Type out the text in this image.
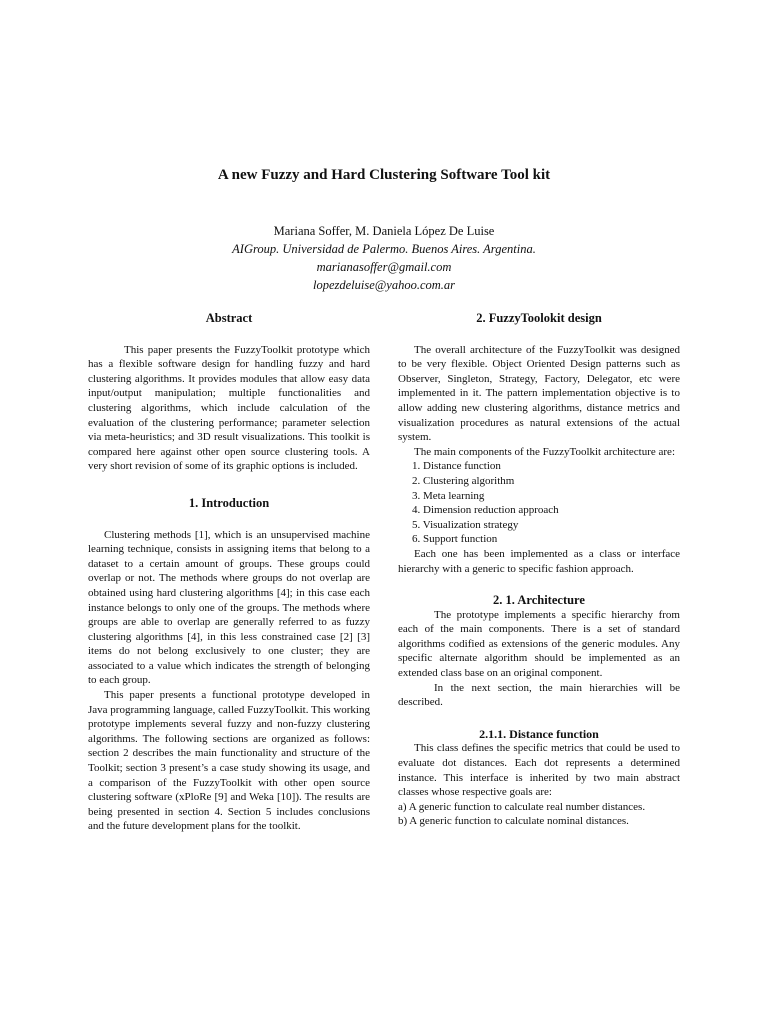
A new Fuzzy and Hard Clustering Software Tool kit
Mariana Soffer, M. Daniela López De Luise
AIGroup. Universidad de Palermo. Buenos Aires. Argentina.
marianasoffer@gmail.com
lopezdeluise@yahoo.com.ar
Abstract

This paper presents the FuzzyToolkit prototype which has a flexible software design for handling fuzzy and hard clustering algorithms. It provides modules that allow easy data input/output manipulation; multiple functionalities and clustering algorithms, which include calculation of the evaluation of the clustering performance; parameter selection via meta-heuristics; and 3D result visualizations. This toolkit is compared here against other open source clustering tools. A very short revision of some of its graphic options is included.

1. Introduction

Clustering methods [1], which is an unsupervised machine learning technique, consists in assigning items that belong to a dataset to a certain amount of groups. These groups could overlap or not. The methods where groups do not overlap are obtained using hard clustering algorithms [4]; in this case each instance belongs to only one of the groups. The methods where groups are able to overlap are generally referred to as fuzzy clustering algorithms [4], in this less constrained case [2] [3] items do not belong exclusively to one cluster; they are associated to a value which indicates the strength of belonging to each group.

This paper presents a functional prototype developed in Java programming language, called FuzzyToolkit. This working prototype implements several fuzzy and non-fuzzy clustering algorithms. The following sections are organized as follows: section 2 describes the main functionality and structure of the Toolkit; section 3 present’s a case study showing its usage, and a comparison of the FuzzyToolkit with other open source clustering software (xPloRe [9] and Weka [10]). The results are being presented in section 4. Section 5 includes conclusions and the future development plans for the toolkit.

2. FuzzyToolokit design

The overall architecture of the FuzzyToolkit was designed to be very flexible. Object Oriented Design patterns such as Observer, Singleton, Strategy, Factory, Delegator, etc were implemented in it. The pattern implementation objective is to allow adding new clustering algorithms, distance metrics and visualization procedures as natural extensions of the actual system.

The main components of the FuzzyToolkit architecture are:

1. Distance function
2. Clustering algorithm
3. Meta learning
4. Dimension reduction approach
5. Visualization strategy
6. Support function

Each one has been implemented as a class or interface hierarchy with a generic to specific fashion approach.

2. 1. Architecture

The prototype implements a specific hierarchy from each of the main components. There is a set of standard algorithms codified as extensions of the generic modules. Any specific alternate algorithm should be implemented as an extended class base on an original component.

In the next section, the main hierarchies will be described.

2.1.1. Distance function

This class defines the specific metrics that could be used to evaluate dot distances. Each dot represents a determined instance. This interface is inherited by two main abstract classes whose respective goals are:

a) A generic function to calculate real number distances.

b) A generic function to calculate nominal distances.
